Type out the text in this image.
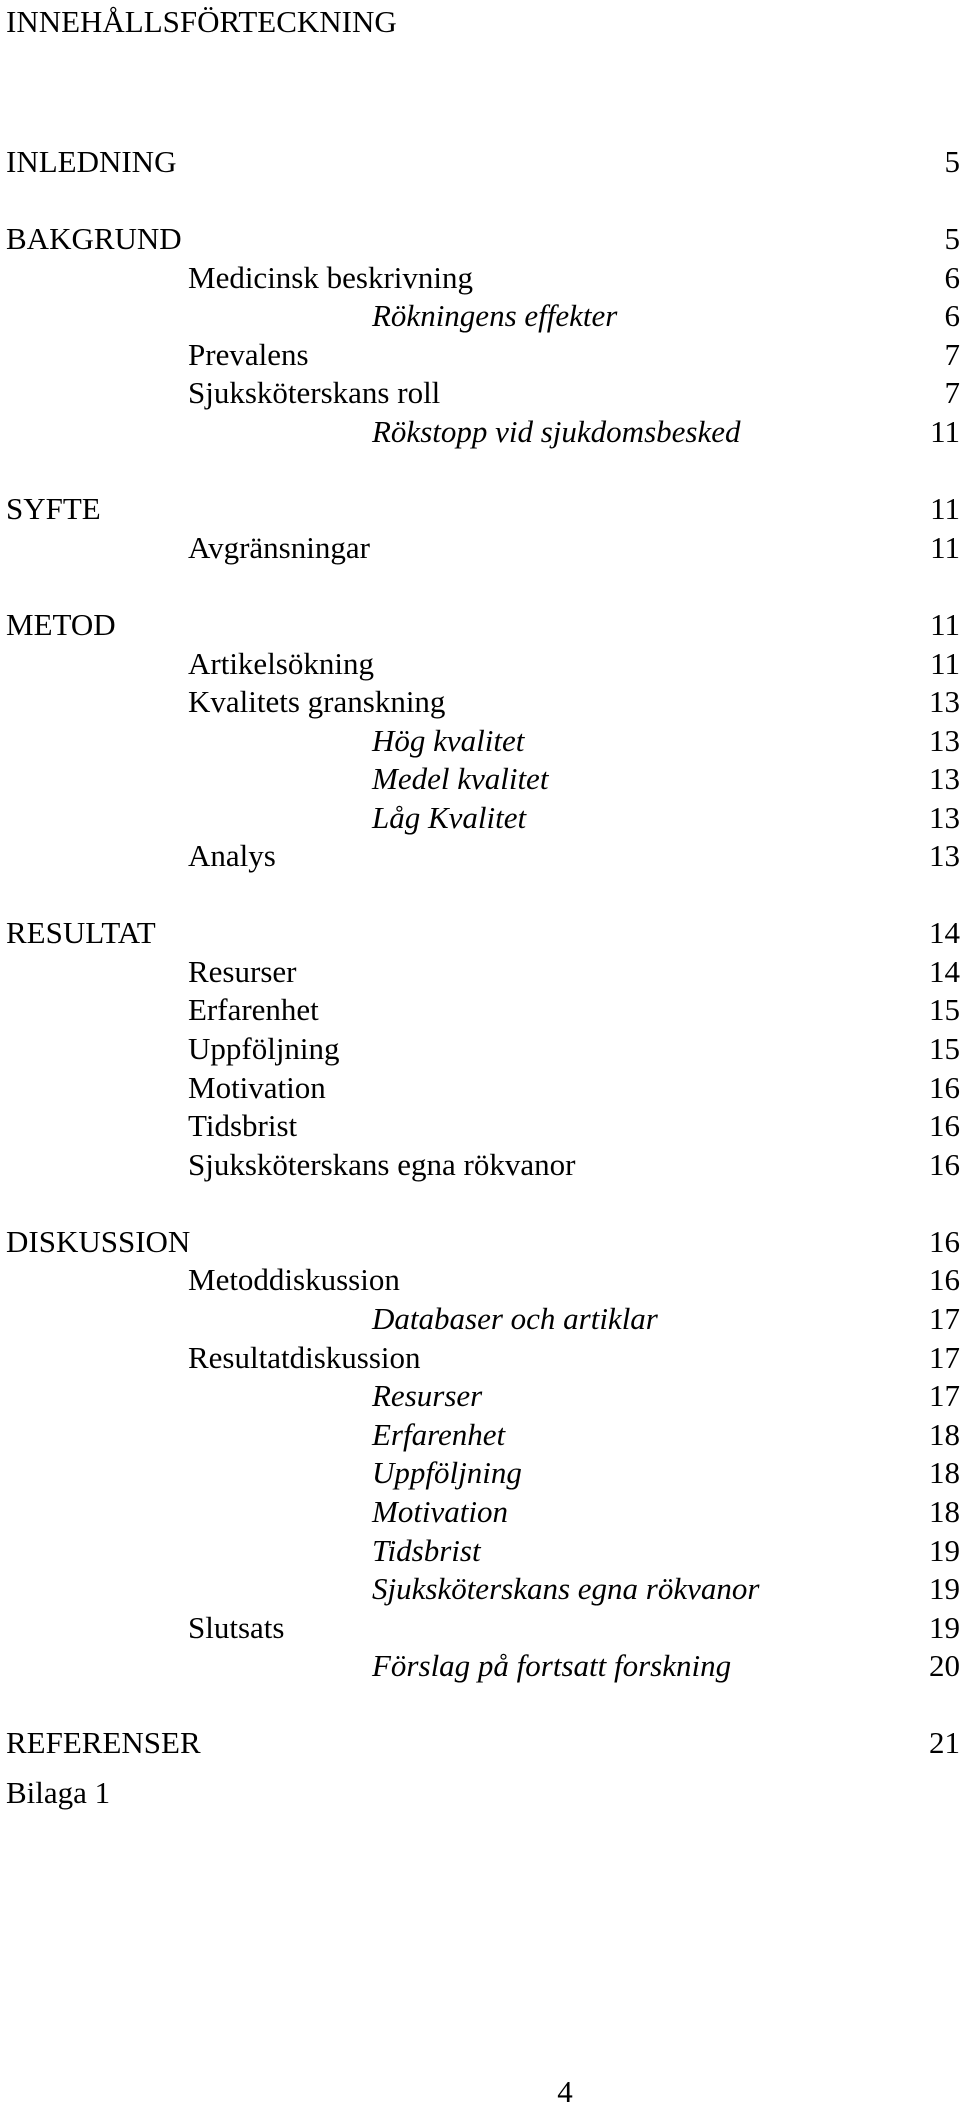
INNEHÅLLSFÖRTECKNING
INLEDNING	5
BAKGRUND	5
Medicinsk beskrivning	6
Rökningens effekter	6
Prevalens	7
Sjuksköterskans roll	7
Rökstopp vid sjukdomsbesked	11
SYFTE	11
Avgränsningar	11
METOD	11
Artikelsökning	11
Kvalitets granskning	13
Hög kvalitet	13
Medel kvalitet	13
Låg Kvalitet	13
Analys	13
RESULTAT	14
Resurser	14
Erfarenhet	15
Uppföljning	15
Motivation	16
Tidsbrist	16
Sjuksköterskans egna rökvanor	16
DISKUSSION	16
Metoddiskussion	16
Databaser och artiklar	17
Resultatdiskussion	17
Resurser	17
Erfarenhet	18
Uppföljning	18
Motivation	18
Tidsbrist	19
Sjuksköterskans egna rökvanor	19
Slutsats	19
Förslag på fortsatt forskning	20
REFERENSER	21
Bilaga 1
4
